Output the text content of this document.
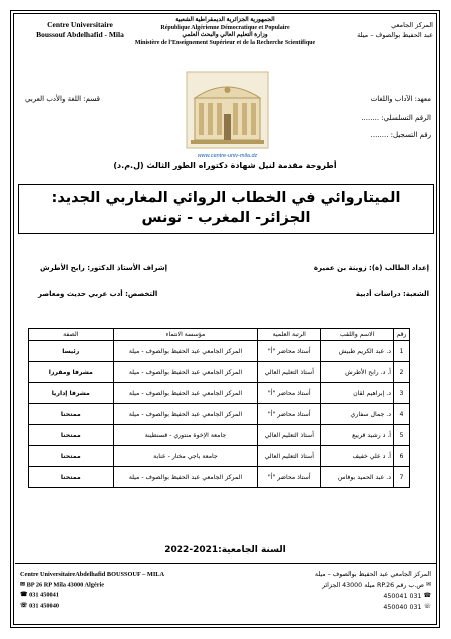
Centre Universitaire
Boussouf Abdelhafid - Mila
الجمهورية الجزائرية الديمقراطية الشعبية
République Algérienne Démocratique et Populaire
وزارة التعليم العالي والبحث العلمي
Ministère de l’Enseignement Supérieur et de la Recherche Scientifique
المركز الجامعي
عبد الحفيظ بوالصوف – ميلة
معهد: الآداب واللغات
قسم: اللغة والأدب العربي
الرقم التسلسلي: ........
رقم التسجيل: ........
www.centre-univ-mila.dz
أطروحة مقدمة لنيل شهادة دكتوراه الطور الثالث (ل.م.د)
الميتاروائي في الخطاب الروائي المغاربي الجديد:
الجزائر- المغرب - تونس
إعداد الطالب (ة): زوينة بن عميرة
إشراف الأستاذ الدكتور: رابح الأطرش
الشعبة: دراسات أدبية
التخصص: أدب عربي حديث ومعاصر
رقم	الاسم واللقب	الرتبة العلمية	مؤسسة الانتماء	الصفة
1	د. عبد الكريم طبيش	أستاذ محاضر "أ"	المركز الجامعي عبد الحفيظ بوالصوف - ميلة	رئيسا
2	أ. د. رابح الأطرش	أستاذ التعليم العالي	المركز الجامعي عبد الحفيظ بوالصوف - ميلة	مشرفا ومقررا
3	د. إبراهيم لقان	أستاذ محاضر "أ"	المركز الجامعي عبد الحفيظ بوالصوف - ميلة	مشرفا إداريا
4	د. جمال سفاري	أستاذ محاضر "أ"	المركز الجامعي عبد الحفيظ بوالصوف - ميلة	ممتحنا
5	أ. د رشيد قريبع	أستاذ التعليم العالي	جامعة الإخوة منتوري - قسنطينة	ممتحنا
6	أ. د علي خفيف	أستاذ التعليم العالي	جامعة باجي مختار - عنابة	ممتحنا
7	د. عبد الحميد بوفاس	أستاذ محاضر "أ"	المركز الجامعي عبد الحفيظ بوالصوف - ميلة	ممتحنا
السنة الجامعية:2021-2022
Centre UniversitaireAbdelhafid BOUSSOUF – MILA
✉ BP 26 RP Mila 43000 Algérie
☎ 031 450041
☏ 031 450040
المركز الجامعي عبد الحفيظ بوالصوف – ميلة
✉ ص.ب رقم RP.26 ميلة 43000 الجزائر
☎ 031 450041
☏ 031 450040
